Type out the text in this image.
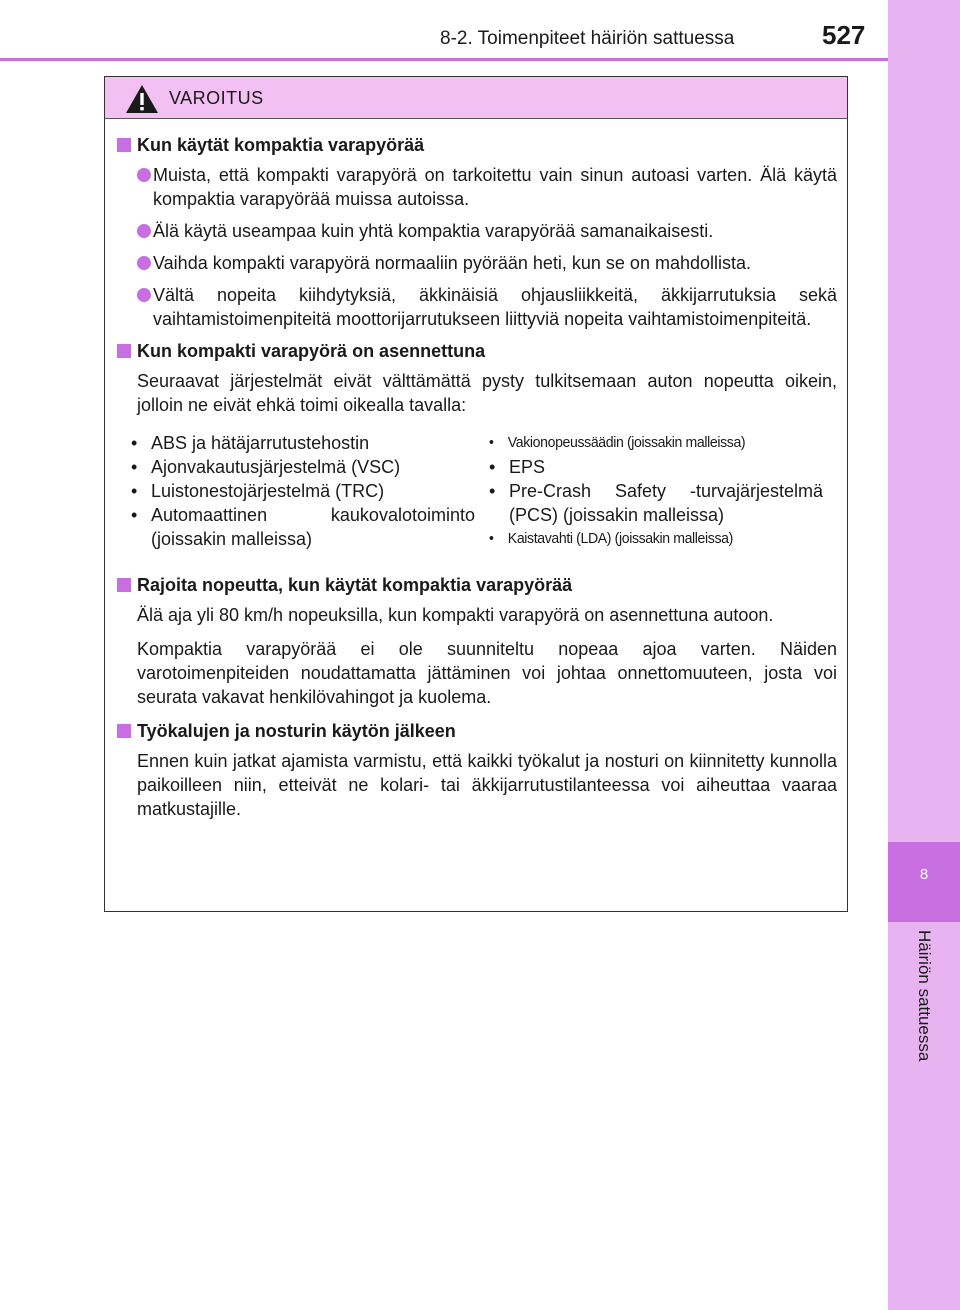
8
Häiriön sattuessa
8-2. Toimenpiteet häiriön sattuessa	527
VAROITUS
Kun käytät kompaktia varapyörää
Muista, että kompakti varapyörä on tarkoitettu vain sinun autoasi varten. Älä käytä kompaktia varapyörää muissa autoissa.
Älä käytä useampaa kuin yhtä kompaktia varapyörää samanaikaisesti.
Vaihda kompakti varapyörä normaaliin pyörään heti, kun se on mahdollista.
Vältä nopeita kiihdytyksiä, äkkinäisiä ohjausliikkeitä, äkkijarrutuksia sekä vaihtamistoimenpiteitä moottorijarrutukseen liittyviä nopeita vaihtamistoimenpiteitä.
Kun kompakti varapyörä on asennettuna
Seuraavat järjestelmät eivät välttämättä pysty tulkitsemaan auton nopeutta oikein, jolloin ne eivät ehkä toimi oikealla tavalla:
• ABS ja hätäjarrutustehostin
• Ajonvakautusjärjestelmä (VSC)
• Luistonestojärjestelmä (TRC)
• Automaattinen kaukovalotoiminto (joissakin malleissa)
• Vakionopeussäädin (joissakin malleissa)
• EPS
• Pre-Crash Safety -turvajärjestelmä (PCS) (joissakin malleissa)
• Kaistavahti (LDA) (joissakin malleissa)
Rajoita nopeutta, kun käytät kompaktia varapyörää
Älä aja yli 80 km/h nopeuksilla, kun kompakti varapyörä on asennettuna autoon.
Kompaktia varapyörää ei ole suunniteltu nopeaa ajoa varten. Näiden varotoimenpiteiden noudattamatta jättäminen voi johtaa onnettomuuteen, josta voi seurata vakavat henkilövahingot ja kuolema.
Työkalujen ja nosturin käytön jälkeen
Ennen kuin jatkat ajamista varmistu, että kaikki työkalut ja nosturi on kiinnitetty kunnolla paikoilleen niin, etteivät ne kolari- tai äkkijarrutustilanteessa voi aiheuttaa vaaraa matkustajille.
